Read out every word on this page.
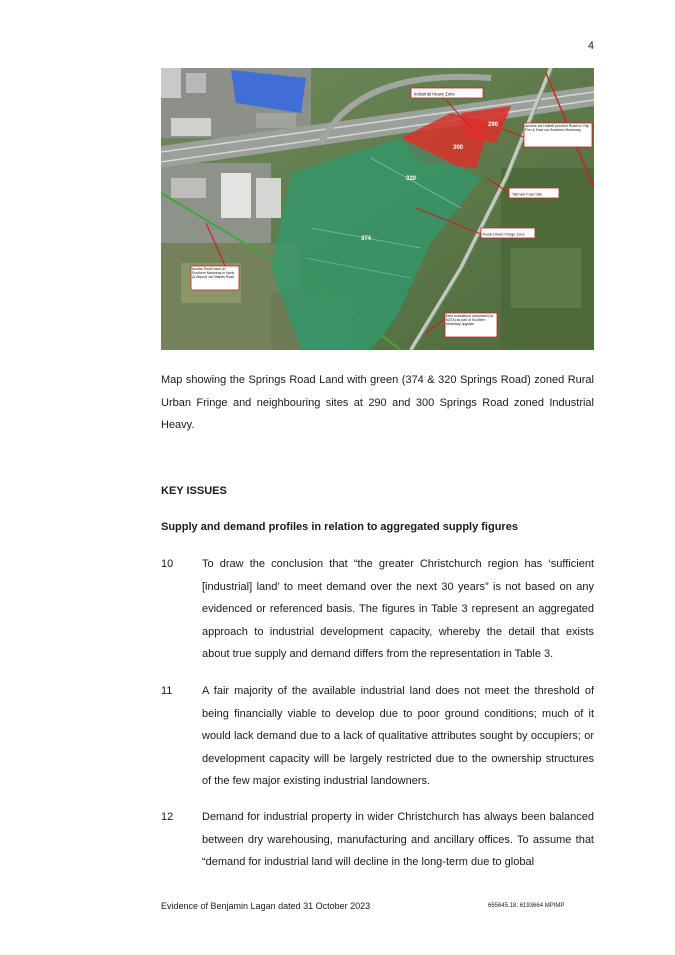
4
290
300
320
374
Industrial Heavy Zone
Access via Halkett junction Road to City, Port & East via Southern Motorway
Tatman Fuel Site
Rural Urban Fringe zone
Access South back on Southern Motorway to North (& Airport) via Shands Road
New roundabout completed (by NZTA) as part of Southern Motorway upgrade
Map showing the Springs Road Land with green (374 & 320 Springs Road) zoned Rural Urban Fringe and neighbouring sites at 290 and 300 Springs Road zoned Industrial Heavy.
KEY ISSUES
Supply and demand profiles in relation to aggregated supply figures
10	To draw the conclusion that “the greater Christchurch region has ‘sufficient [industrial] land’ to meet demand over the next 30 years” is not based on any evidenced or referenced basis. The figures in Table 3 represent an aggregated approach to industrial development capacity, whereby the detail that exists about true supply and demand differs from the representation in Table 3.
11	A fair majority of the available industrial land does not meet the threshold of being financially viable to develop due to poor ground conditions; much of it would lack demand due to a lack of qualitative attributes sought by occupiers; or development capacity will be largely restricted due to the ownership structures of the few major existing industrial landowners.
12	Demand for industrial property in wider Christchurch has always been balanced between dry warehousing, manufacturing and ancillary offices. To assume that “demand for industrial land will decline in the long-term due to global
Evidence of Benjamin Lagan dated 31 October 2023	665645.18: 6193664 MPIMP
